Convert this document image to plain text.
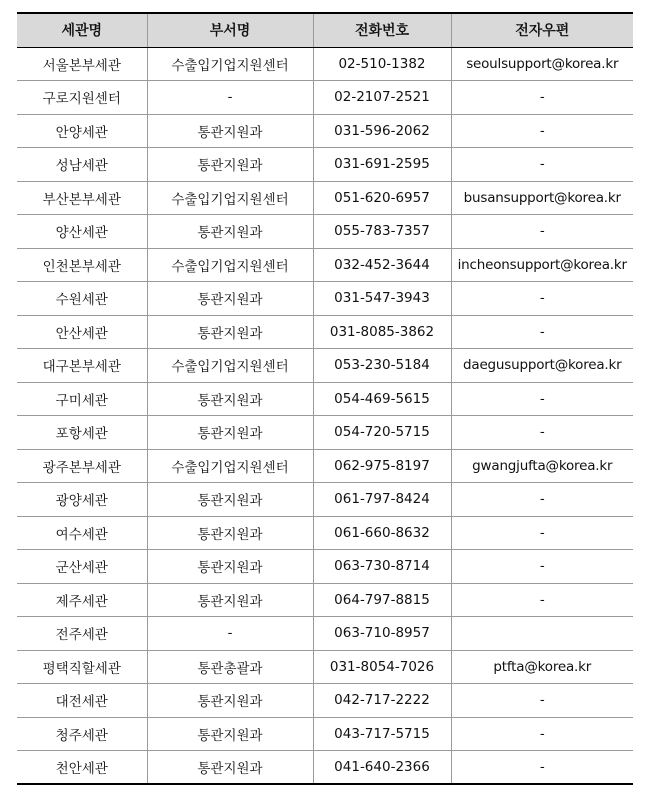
세관명	부서명	전화번호	전자우편
서울본부세관	수출입기업지원센터	02-510-1382	seoulsupport@korea.kr
구로지원센터	-	02-2107-2521	-
안양세관	통관지원과	031-596-2062	-
성남세관	통관지원과	031-691-2595	-
부산본부세관	수출입기업지원센터	051-620-6957	busansupport@korea.kr
양산세관	통관지원과	055-783-7357	-
인천본부세관	수출입기업지원센터	032-452-3644	incheonsupport@korea.kr
수원세관	통관지원과	031-547-3943	-
안산세관	통관지원과	031-8085-3862	-
대구본부세관	수출입기업지원센터	053-230-5184	daegusupport@korea.kr
구미세관	통관지원과	054-469-5615	-
포항세관	통관지원과	054-720-5715	-
광주본부세관	수출입기업지원센터	062-975-8197	gwangjufta@korea.kr
광양세관	통관지원과	061-797-8424	-
여수세관	통관지원과	061-660-8632	-
군산세관	통관지원과	063-730-8714	-
제주세관	통관지원과	064-797-8815	-
전주세관	-	063-710-8957	
평택직할세관	통관총괄과	031-8054-7026	ptfta@korea.kr
대전세관	통관지원과	042-717-2222	-
청주세관	통관지원과	043-717-5715	-
천안세관	통관지원과	041-640-2366	-
